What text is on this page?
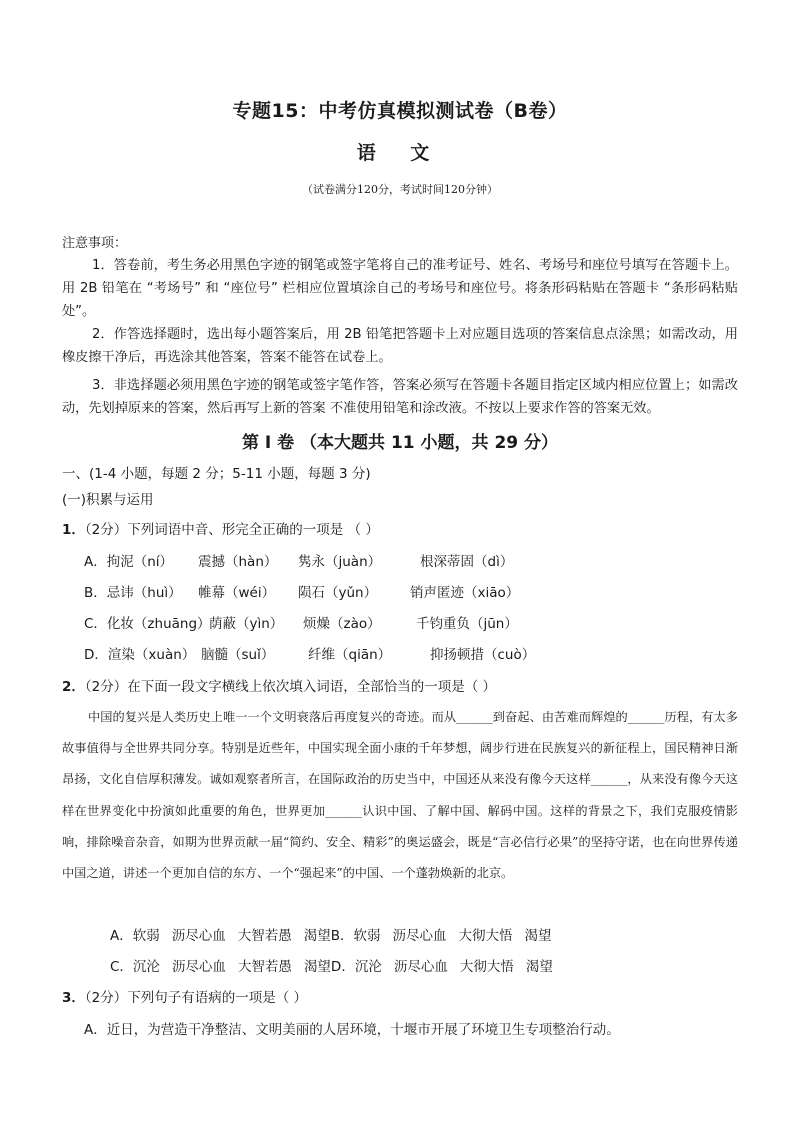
专题15：中考仿真模拟测试卷（B卷）
语 文
（试卷满分120分，考试时间120分钟）
注意事项：
1．答卷前，考生务必用黑色字迹的钢笔或签字笔将自己的准考证号、姓名、考场号和座位号填写在答题卡上。用 2B 铅笔在 “考场号” 和 “座位号” 栏相应位置填涂自己的考场号和座位号。将条形码粘贴在答题卡 “条形码粘贴处”。
2．作答选择题时，选出每小题答案后，用 2B 铅笔把答题卡上对应题目选项的答案信息点涂黑；如需改动，用橡皮擦干净后，再选涂其他答案，答案不能答在试卷上。
3．非选择题必须用黑色字迹的钢笔或签字笔作答，答案必须写在答题卡各题目指定区域内相应位置上；如需改动，先划掉原来的答案，然后再写上新的答案 不准使用铅笔和涂改液。不按以上要求作答的答案无效。
第 I 卷 （本大题共 11 小题，共 29 分）
一、(1-4 小题，每题 2 分；5-11 小题，每题 3 分)
(一)积累与运用
1．（2分）下列词语中音、形完全正确的一项是 （ ）
A．拘泥（ní） 震撼（hàn） 隽永（juàn）	根深蒂固（dì）
B．忌讳（huì） 帷幕（wéi） 陨石（yǔn） 销声匿迹（xiāo）
C．化妆（zhuāng）荫蔽（yìn） 烦燥（zào）	千钧重负（jūn）
D．渲染（xuàn） 脑髓（suǐ） 纤维（qiān）	抑扬顿措（cuò）
2．（2分）在下面一段文字横线上依次填入词语，全部恰当的一项是（ ）
中国的复兴是人类历史上唯一一个文明衰落后再度复兴的奇迹。而从______到奋起、由苦难而辉煌的______历程，有太多故事值得与全世界共同分享。特别是近些年，中国实现全面小康的千年梦想，阔步行进在民族复兴的新征程上，国民精神日渐昂扬，文化自信厚积薄发。诚如观察者所言，在国际政治的历史当中，中国还从来没有像今天这样______，从来没有像今天这样在世界变化中扮演如此重要的角色，世界更加______认识中国、了解中国、解码中国。这样的背景之下，我们克服疫情影响，排除噪音杂音，如期为世界贡献一届“简约、安全、精彩”的奥运盛会，既是“言必信行必果”的坚持守诺，也在向世界传递中国之道，讲述一个更加自信的东方、一个“强起来”的中国、一个蓬勃焕新的北京。
A．软弱 沥尽心血 大智若愚 渴望B．软弱 沥尽心血 大彻大悟 渴望
C．沉沦 沥尽心血 大智若愚 渴望D．沉沦 沥尽心血 大彻大悟 渴望
3．（2分）下列句子有语病的一项是（ ）
A．近日，为营造干净整洁、文明美丽的人居环境，十堰市开展了环境卫生专项整治行动。
